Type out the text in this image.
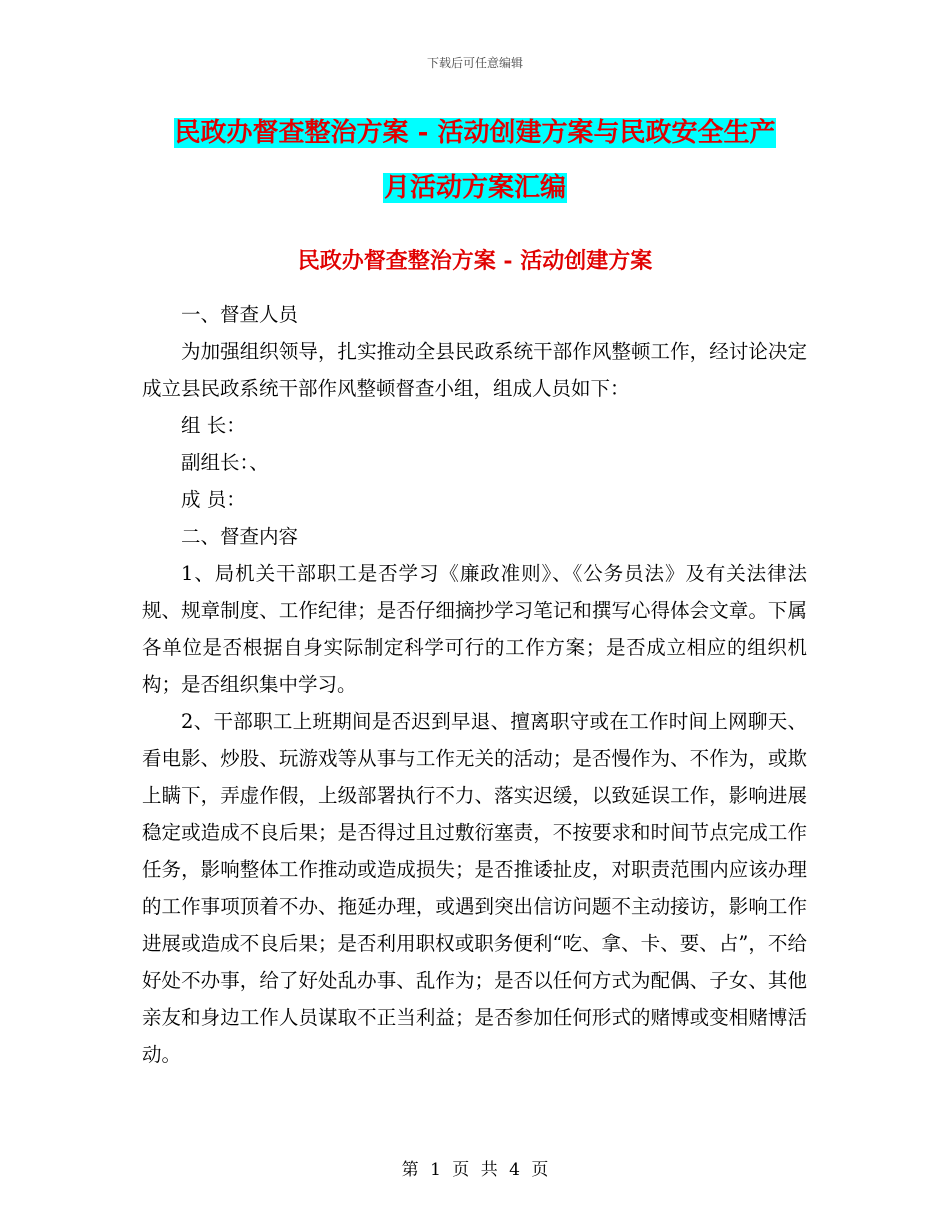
下载后可任意编辑
民政办督查整治方案 - 活动创建方案与民政安全生产
月活动方案汇编
民政办督查整治方案 - 活动创建方案

一、督查人员

为加强组织领导，扎实推动全县民政系统干部作风整顿工作，经讨论决定成立县民政系统干部作风整顿督查小组，组成人员如下：

组 长：

副组长：、

成 员：

二、督查内容

1、局机关干部职工是否学习《廉政准则》、《公务员法》及有关法律法规、规章制度、工作纪律；是否仔细摘抄学习笔记和撰写心得体会文章。下属各单位是否根据自身实际制定科学可行的工作方案；是否成立相应的组织机构；是否组织集中学习。

2、干部职工上班期间是否迟到早退、擅离职守或在工作时间上网聊天、看电影、炒股、玩游戏等从事与工作无关的活动；是否慢作为、不作为，或欺上瞒下，弄虚作假，上级部署执行不力、落实迟缓，以致延误工作，影响进展稳定或造成不良后果；是否得过且过敷衍塞责，不按要求和时间节点完成工作任务，影响整体工作推动或造成损失；是否推诿扯皮，对职责范围内应该办理的工作事项顶着不办、拖延办理，或遇到突出信访问题不主动接访，影响工作进展或造成不良后果；是否利用职权或职务便利“吃、拿、卡、要、占”，不给好处不办事，给了好处乱办事、乱作为；是否以任何方式为配偶、子女、其他亲友和身边工作人员谋取不正当利益；是否参加任何形式的赌博或变相赌博活动。

第 1 页 共 4 页
